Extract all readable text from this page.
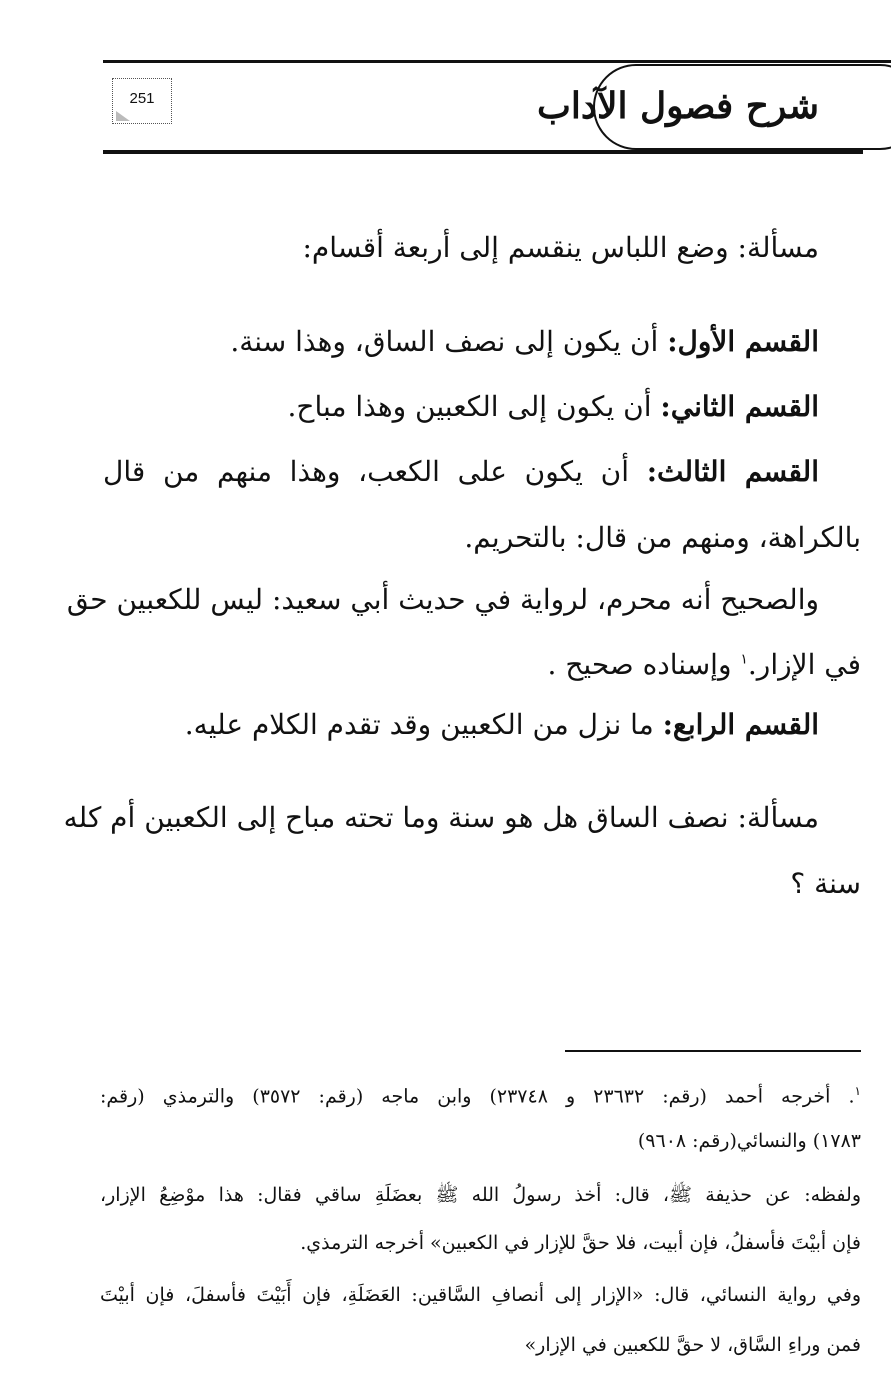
شرح فصول الآداب
251
مسألة: وضع اللباس ينقسم إلى أربعة أقسام:
القسم الأول: أن يكون إلى نصف الساق، وهذا سنة.
القسم الثاني: أن يكون إلى الكعبين وهذا مباح.
القسم الثالث: أن يكون على الكعب، وهذا منهم من قال
بالكراهة، ومنهم من قال: بالتحريم.
والصحيح أنه محرم، لرواية في حديث أبي سعيد: ليس للكعبين حق
في الإزار.$^١$ وإسناده صحيح .
القسم الرابع: ما نزل من الكعبين وقد تقدم الكلام عليه.
مسألة: نصف الساق هل هو سنة وما تحته مباح إلى الكعبين أم كله
سنة ؟
$^١$. أخرجه أحمد (رقم: ٢٣٦٣٢ و ٢٣٧٤٨) وابن ماجه (رقم: ٣٥٧٢) والترمذي (رقم:
١٧٨٣) والنسائي(رقم: ٩٦٠٨)
ولفظه: عن حذيفة ﷺ، قال: أخذ رسولُ الله ﷺ بعضَلَةِ ساقي فقال: هذا موْضِعُ الإزار،
فإن أبيْتَ فأسفلُ، فإن أبيت، فلا حقَّ للإزار في الكعبين» أخرجه الترمذي.
وفي رواية النسائي، قال: «الإزار إلى أنصافِ السَّاقين: العَضَلَةِ، فإن أَبَيْتَ فأسفلَ، فإن أبيْتَ
فمن وراءِ السَّاق، لا حقَّ للكعبين في الإزار»
